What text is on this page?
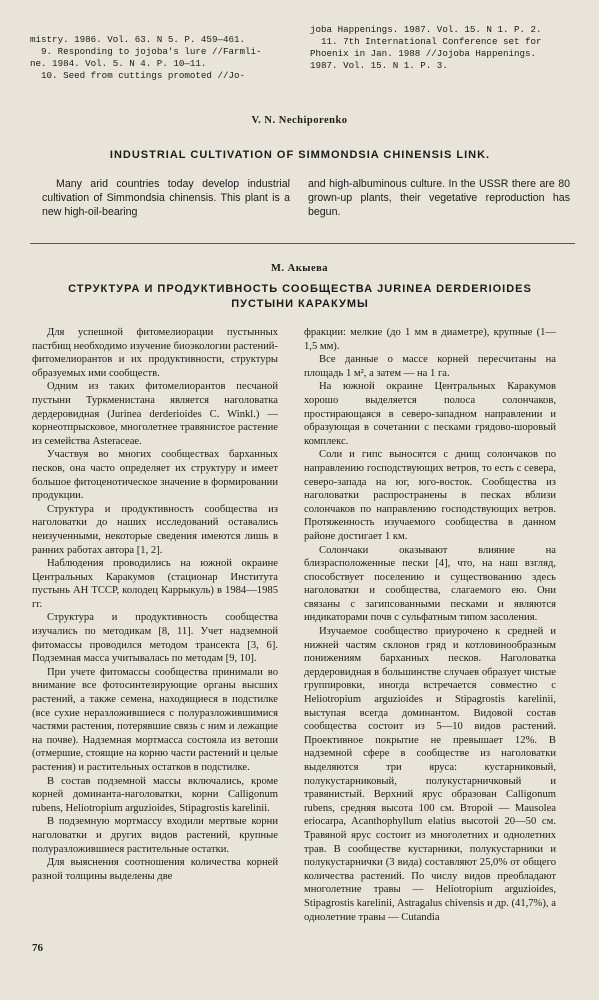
mistry. 1986. Vol. 63. N 5. P. 459—461.
9. Responding to jojoba's lure //Farmli-
ne. 1984. Vol. 5. N 4. P. 10—11.
10. Seed from cuttings promoted //Jo-

joba Happenings. 1987. Vol. 15. N 1. P. 2.
11. 7th International Conference set for
Phoenix in Jan. 1988 //Jojoba Happenings.
1987. Vol. 15. N 1. P. 3.

V. N. Nechiporenko
INDUSTRIAL CULTIVATION OF SIMMONDSIA CHINENSIS LINK.

Many arid countries today develop industrial cultivation of Simmondsia chinensis. This plant is a new high-oil-bearing

and high-albuminous culture. In the USSR there are 80 grown-up plants, their vegetative reproduction has begun.

М. Акыева
СТРУКТУРА И ПРОДУКТИВНОСТЬ СООБЩЕСТВА JURINEA DERDERIOIDES ПУСТЫНИ КАРАКУМЫ

Для успешной фитомелиорации пустынных пастбищ необходимо изучение биоэкологии растений-фитомелиорантов и их продуктивности, структуры образуемых ими сообществ.

Одним из таких фитомелиорантов песчаной пустыни Туркменистана является наголоватка дердеровидная (Jurinea derderioides C. Winkl.) — корнеотпрысковое, многолетнее травянистое растение из семейства Asteraceae.

Участвуя во многих сообществах барханных песков, она часто определяет их структуру и имеет большое фитоценотическое значение в формировании продукции.

Структура и продуктивность сообщества из наголоватки до наших исследований оставались неизученными, некоторые сведения имеются лишь в ранних работах автора [1, 2].

Наблюдения проводились на южной окраине Центральных Каракумов (стационар Института пустынь АН ТССР, колодец Каррыкуль) в 1984—1985 гг.

Структура и продуктивность сообщества изучались по методикам [8, 11]. Учет надземной фитомассы проводился методом трансекта [3, 6]. Подземная масса учитывалась по методам [9, 10].

При учете фитомассы сообщества принимали во внимание все фотосинтезирующие органы высших растений, а также семена, находящиеся в подстилке (все сухие неразложившиеся с полуразложившимися частями растения, потерявшие связь с ним и лежащие на почве). Надземная мортмасса состояла из ветоши (отмершие, стоящие на корню части растений и целые растения) и растительных остатков в подстилке.

В состав подземной массы включались, кроме корней доминанта-наголоватки, корни Calligonum rubens, Heliotropium arguzioides, Stipagrostis karelinii.

В подземную мортмассу входили мертвые корни наголоватки и других видов растений, крупные полуразложившиеся растительные остатки.

Для выяснения соотношения количества корней разной толщины выделены две

фракции: мелкие (до 1 мм в диаметре), крупные (1—1,5 мм).

Все данные о массе корней пересчитаны на площадь 1 м², а затем — на 1 га.

На южной окраине Центральных Каракумов хорошо выделяется полоса солончаков, простирающаяся в северо-западном направлении и образующая в сочетании с песками грядово-шоровый комплекс.

Соли и гипс выносятся с днищ солончаков по направлению господствующих ветров, то есть с севера, северо-запада на юг, юго-восток. Сообщества из наголоватки распространены в песках вблизи солончаков по направлению господствующих ветров. Протяженность изучаемого сообщества в данном районе достигает 1 км.

Солончаки оказывают влияние на близрасположенные пески [4], что, на наш взгляд, способствует поселению и существованию здесь наголоватки и сообщества, слагаемого ею. Они связаны с загипсованными песками и являются индикаторами почв с сульфатным типом засоления.

Изучаемое сообщество приурочено к средней и нижней частям склонов гряд и котловинообразным понижениям барханных песков. Наголоватка дердеровидная в большинстве случаев образует чистые группировки, иногда встречается совместно с Heliotropium arguzioides и Stipagrostis karelinii, выступая всегда доминантом. Видовой состав сообщества состоит из 5—10 видов растений. Проективное покрытие не превышает 12%. В надземной сфере в сообществе из наголоватки выделяются три яруса: кустарниковый, полукустарниковый, полукустарничковый и травянистый. Верхний ярус образован Calligonum rubens, средняя высота 100 см. Второй — Mausolea eriocarpa, Acanthophyllum elatius высотой 20—50 см. Травяной ярус состоит из многолетних и однолетних трав. В сообществе кустарники, полукустарники и полукустарнички (3 вида) составляют 25,0% от общего количества растений. По числу видов преобладают многолетние травы — Heliotropium arguzioides, Stipagrostis karelinii, Astragalus chivensis и др. (41,7%), а однолетние травы — Cutandia

76
